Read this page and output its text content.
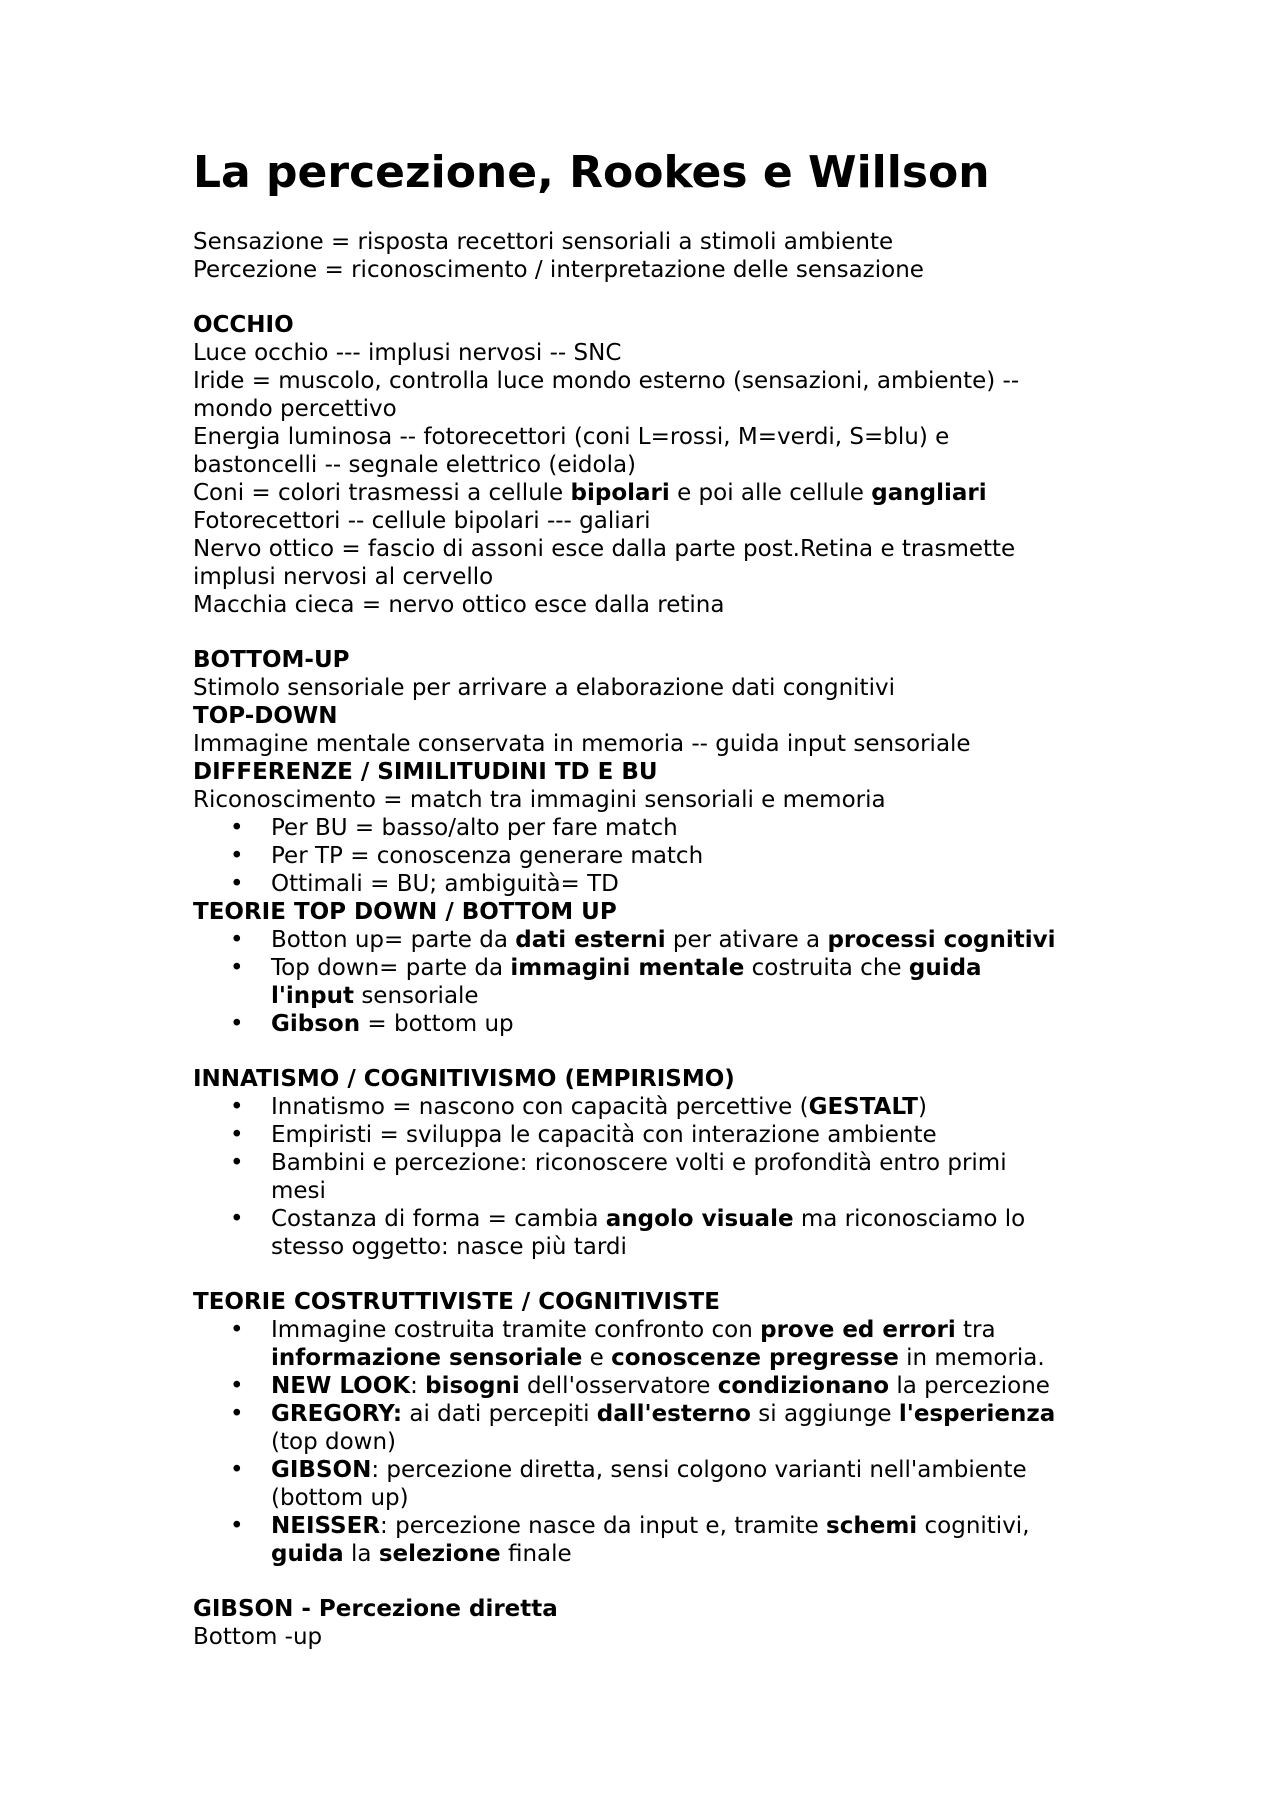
La percezione, Rookes e Willson

Sensazione = risposta recettori sensoriali a stimoli ambiente

Percezione = riconoscimento / interpretazione delle sensazione

OCCHIO

Luce occhio --- implusi nervosi -- SNC

Iride = muscolo, controlla luce mondo esterno (sensazioni, ambiente) --

mondo percettivo

Energia luminosa -- fotorecettori (coni L=rossi, M=verdi, S=blu) e

bastoncelli -- segnale elettrico (eidola)

Coni = colori trasmessi a cellule bipolari e poi alle cellule gangliari

Fotorecettori -- cellule bipolari --- galiari

Nervo ottico = fascio di assoni esce dalla parte post.Retina e trasmette

implusi nervosi al cervello

Macchia cieca = nervo ottico esce dalla retina

BOTTOM-UP

Stimolo sensoriale per arrivare a elaborazione dati congnitivi

TOP-DOWN

Immagine mentale conservata in memoria -- guida input sensoriale

DIFFERENZE / SIMILITUDINI TD E BU

Riconoscimento = match tra immagini sensoriali e memoria

• Per BU = basso/alto per fare match
• Per TP = conoscenza generare match
• Ottimali = BU; ambiguità= TD

TEORIE TOP DOWN / BOTTOM UP

• Botton up= parte da dati esterni per ativare a processi cognitivi
• Top down= parte da immagini mentale costruita che guida
l'input sensoriale
• Gibson = bottom up

INNATISMO / COGNITIVISMO (EMPIRISMO)

• Innatismo = nascono con capacità percettive (GESTALT)
• Empiristi = sviluppa le capacità con interazione ambiente
• Bambini e percezione: riconoscere volti e profondità entro primi
mesi
• Costanza di forma = cambia angolo visuale ma riconosciamo lo
stesso oggetto: nasce più tardi

TEORIE COSTRUTTIVISTE / COGNITIVISTE

• Immagine costruita tramite confronto con prove ed errori tra
informazione sensoriale e conoscenze pregresse in memoria.
• NEW LOOK: bisogni dell'osservatore condizionano la percezione
• GREGORY: ai dati percepiti dall'esterno si aggiunge l'esperienza
(top down)
• GIBSON: percezione diretta, sensi colgono varianti nell'ambiente
(bottom up)
• NEISSER: percezione nasce da input e, tramite schemi cognitivi,
guida la selezione finale

GIBSON - Percezione diretta

Bottom -up
